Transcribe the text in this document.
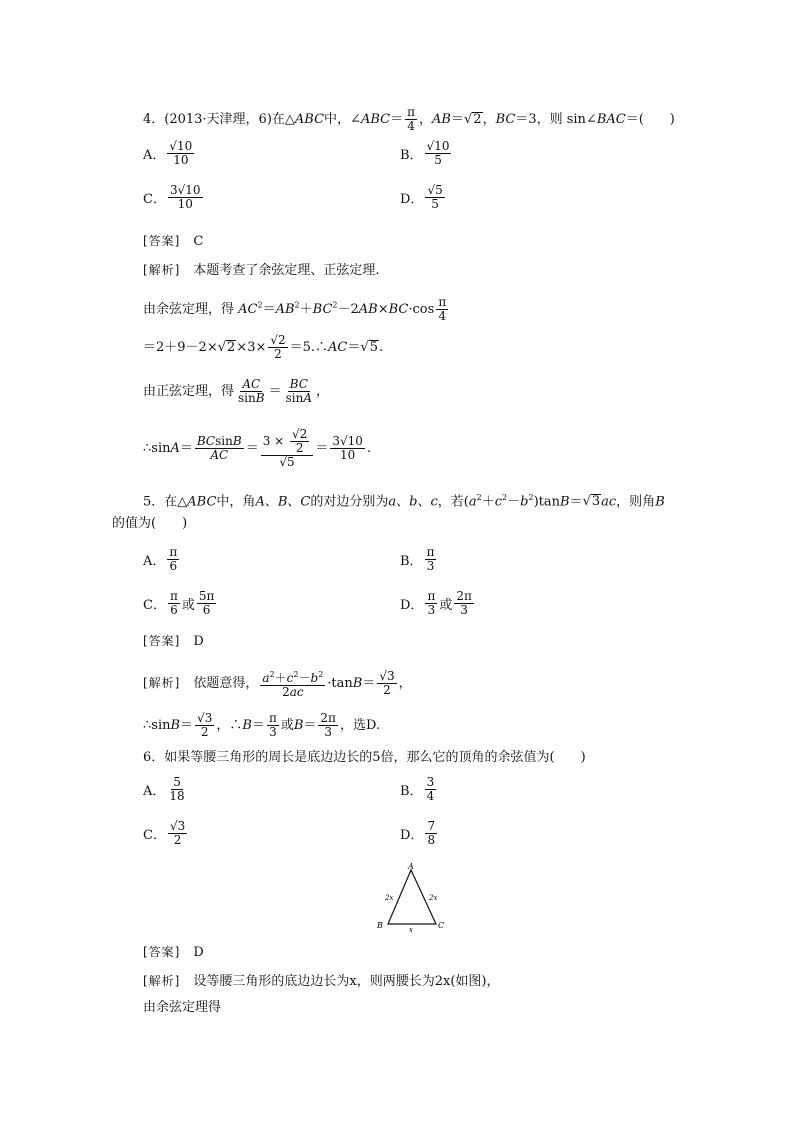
4．(2013·天津理，6)在△ABC中，∠ABC＝ $\frac{\pi}{4}$ ，AB＝ √ 2 ，BC＝3，则 sin∠BAC＝(　　)
A． $\frac{√10}{10}$	B． $\frac{√10}{5}$
C． $\frac{3√10}{10}$	D． $\frac{√5}{5}$
[答案]　 C
[解析]　 本题考查了余弦定理、正弦定理.
由余弦定理，得 $AC^2=AB^2+BC^2-2AB\times BC\cdot\cos \frac{\pi}{4}$
＝2＋9－2× √ $2 \times 3\times \frac{√2}{2}$ ＝5.∴AC＝ √ 5 .
由正弦定理，得 $\frac{AC}{\sin B} = \frac{BC}{\sin A}$ ，
∴sinA＝ $\frac{BCsinB}{AC} = \frac{3 \times \frac{√2}{2}}{√5} = \frac{3√10}{10}$ .
5．在△ABC中，角A、B、C的对边分别为a、b、c，若$(a^2+c^2-b^2)\tan B=$ √ 3 ac，则角B
的值为(　　)
A． $\frac{\pi}{6}$	B． $\frac{\pi}{3}$
C． $\frac{\pi}{6}$ 或 $\frac{5\pi}{6}$	D． $\frac{\pi}{3}$ 或 $\frac{2\pi}{3}$
[答案]　 D
[解析]　依题意得， $\frac{a^2+c^2-b^2}{2ac} \cdot\tan B= \frac{√3}{2}$ ，
∴sinB＝ $\frac{√3}{2}$ ，∴B＝ $\frac{\pi}{3}$ 或$B= \frac{2\pi}{3}$ ，选D.
6．如果等腰三角形的周长是底边边长的5倍，那么它的顶角的余弦值为(　　)
A． $\frac{5}{18}$	B． $\frac{3}{4}$
C． $\frac{√3}{2}$	D． $\frac{7}{8}$
A
B	C
2x	2x
x
[答案]　 D
[解析]　 设等腰三角形的底边边长为x，则两腰长为2x(如图)，
由余弦定理得
